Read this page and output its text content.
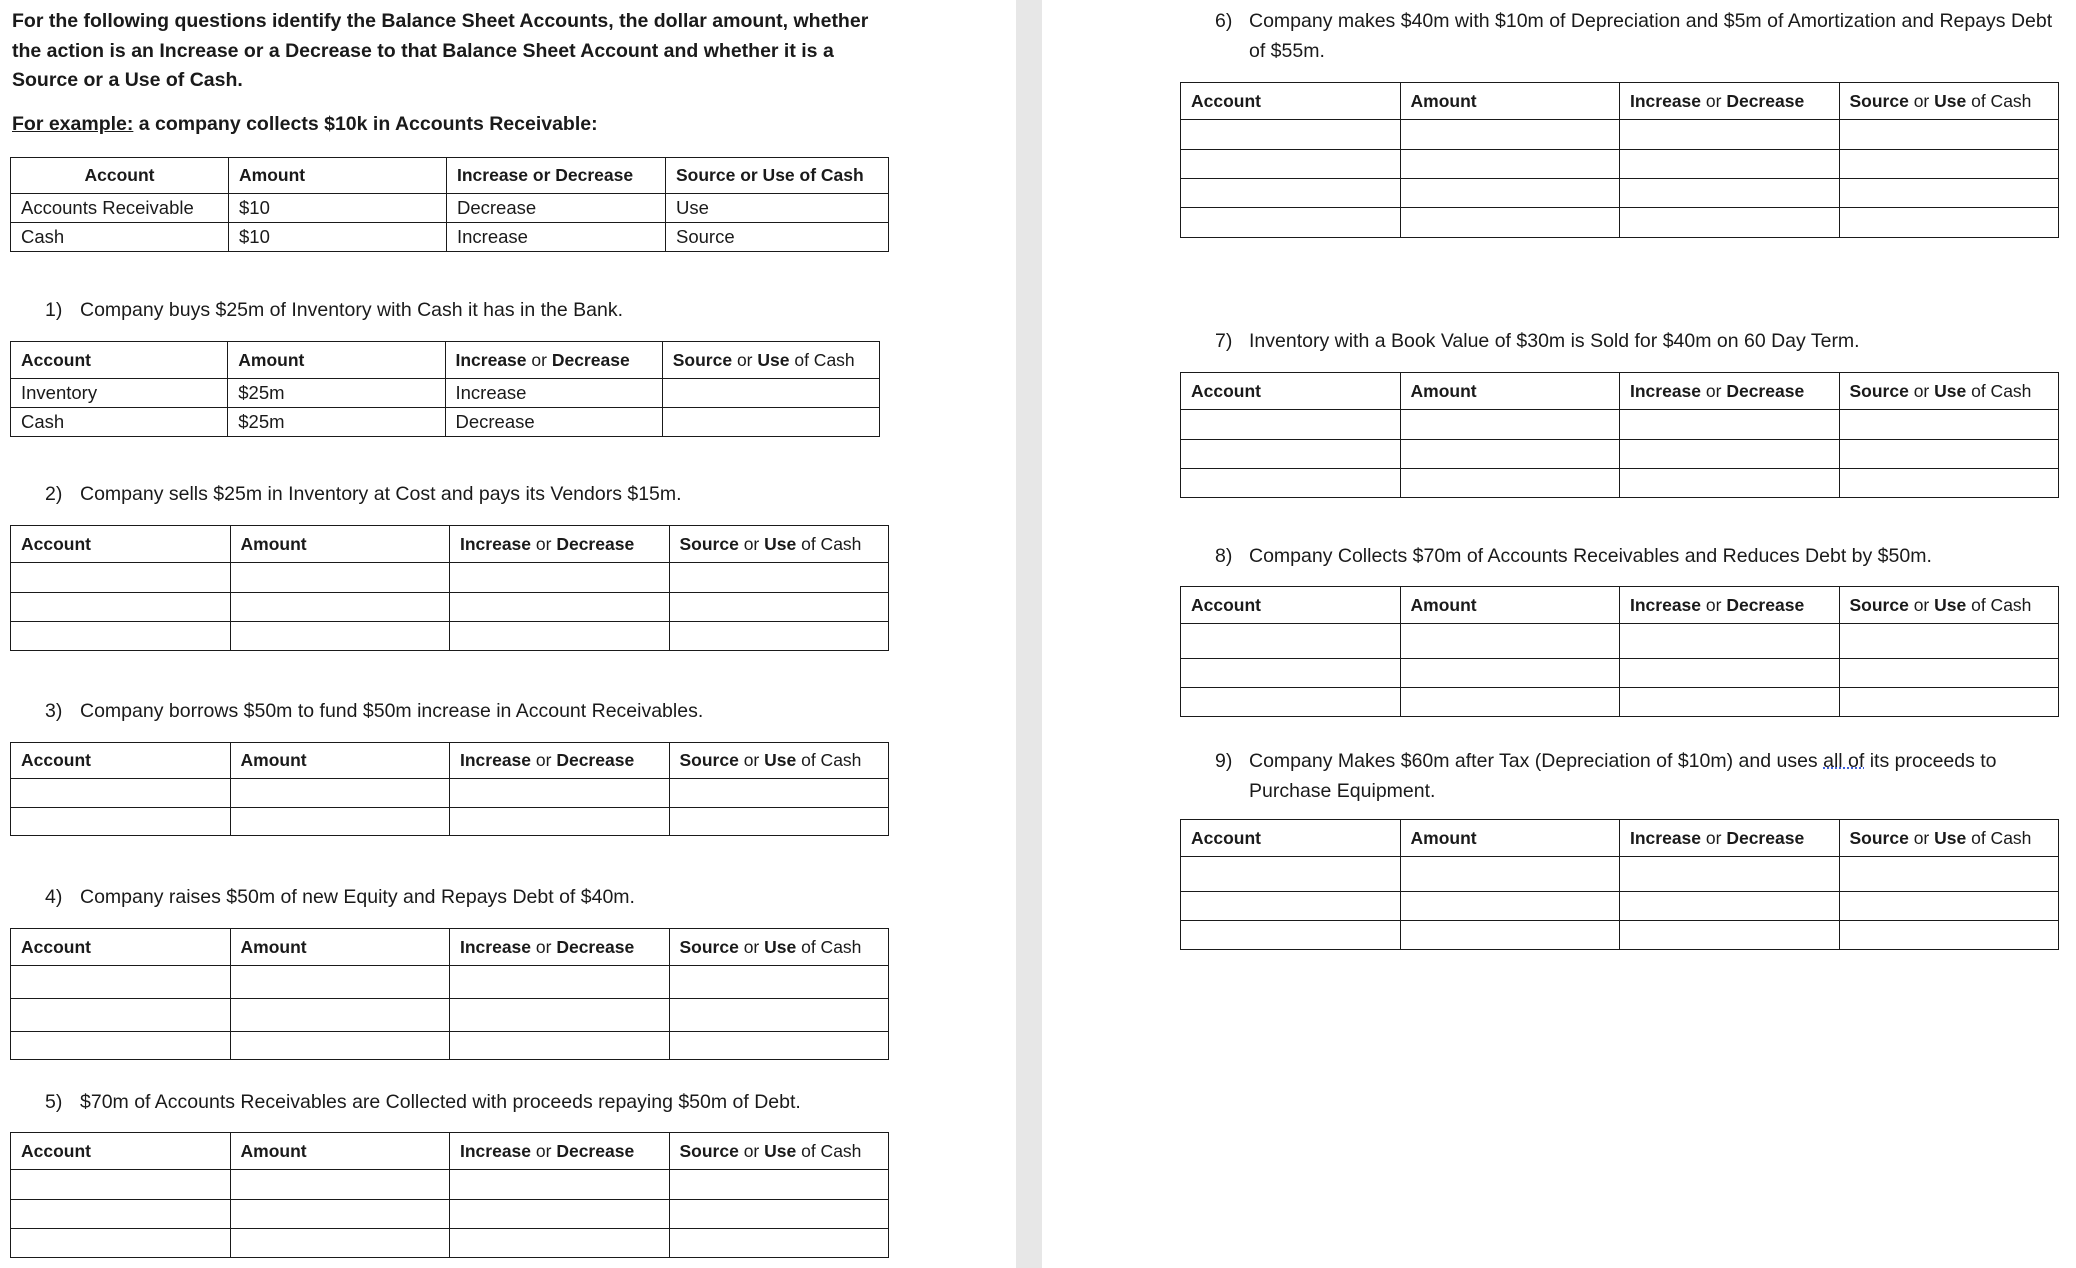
For the following questions identify the Balance Sheet Accounts, the dollar amount, whether the action is an Increase or a Decrease to that Balance Sheet Account and whether it is a Source or a Use of Cash.
For example: a company collects $10k in Accounts Receivable:
Account	Amount	Increase or Decrease	Source or Use of Cash
Accounts Receivable	$10	Decrease	Use
Cash	$10	Increase	Source
1) Company buys $25m of Inventory with Cash it has in the Bank.
2) Company sells $25m in Inventory at Cost and pays its Vendors $15m.
3) Company borrows $50m to fund $50m increase in Account Receivables.
4) Company raises $50m of new Equity and Repays Debt of $40m.
5) $70m of Accounts Receivables are Collected with proceeds repaying $50m of Debt.
6) Company makes $40m with $10m of Depreciation and $5m of Amortization and Repays Debt of $55m.
7) Inventory with a Book Value of $30m is Sold for $40m on 60 Day Term.
8) Company Collects $70m of Accounts Receivables and Reduces Debt by $50m.
9) Company Makes $60m after Tax (Depreciation of $10m) and uses all of its proceeds to Purchase Equipment.
Account	Amount	Increase or Decrease	Source or Use of Cash
Inventory	$25m	Increase	
Cash	$25m	Decrease	
Account	Amount	Increase or Decrease	Source or Use of Cash

Account	Amount	Increase or Decrease	Source or Use of Cash

Account	Amount	Increase or Decrease	Source or Use of Cash

Account	Amount	Increase or Decrease	Source or Use of Cash

Account	Amount	Increase or Decrease	Source or Use of Cash

Account	Amount	Increase or Decrease	Source or Use of Cash

Account	Amount	Increase or Decrease	Source or Use of Cash

Account	Amount	Increase or Decrease	Source or Use of Cash
